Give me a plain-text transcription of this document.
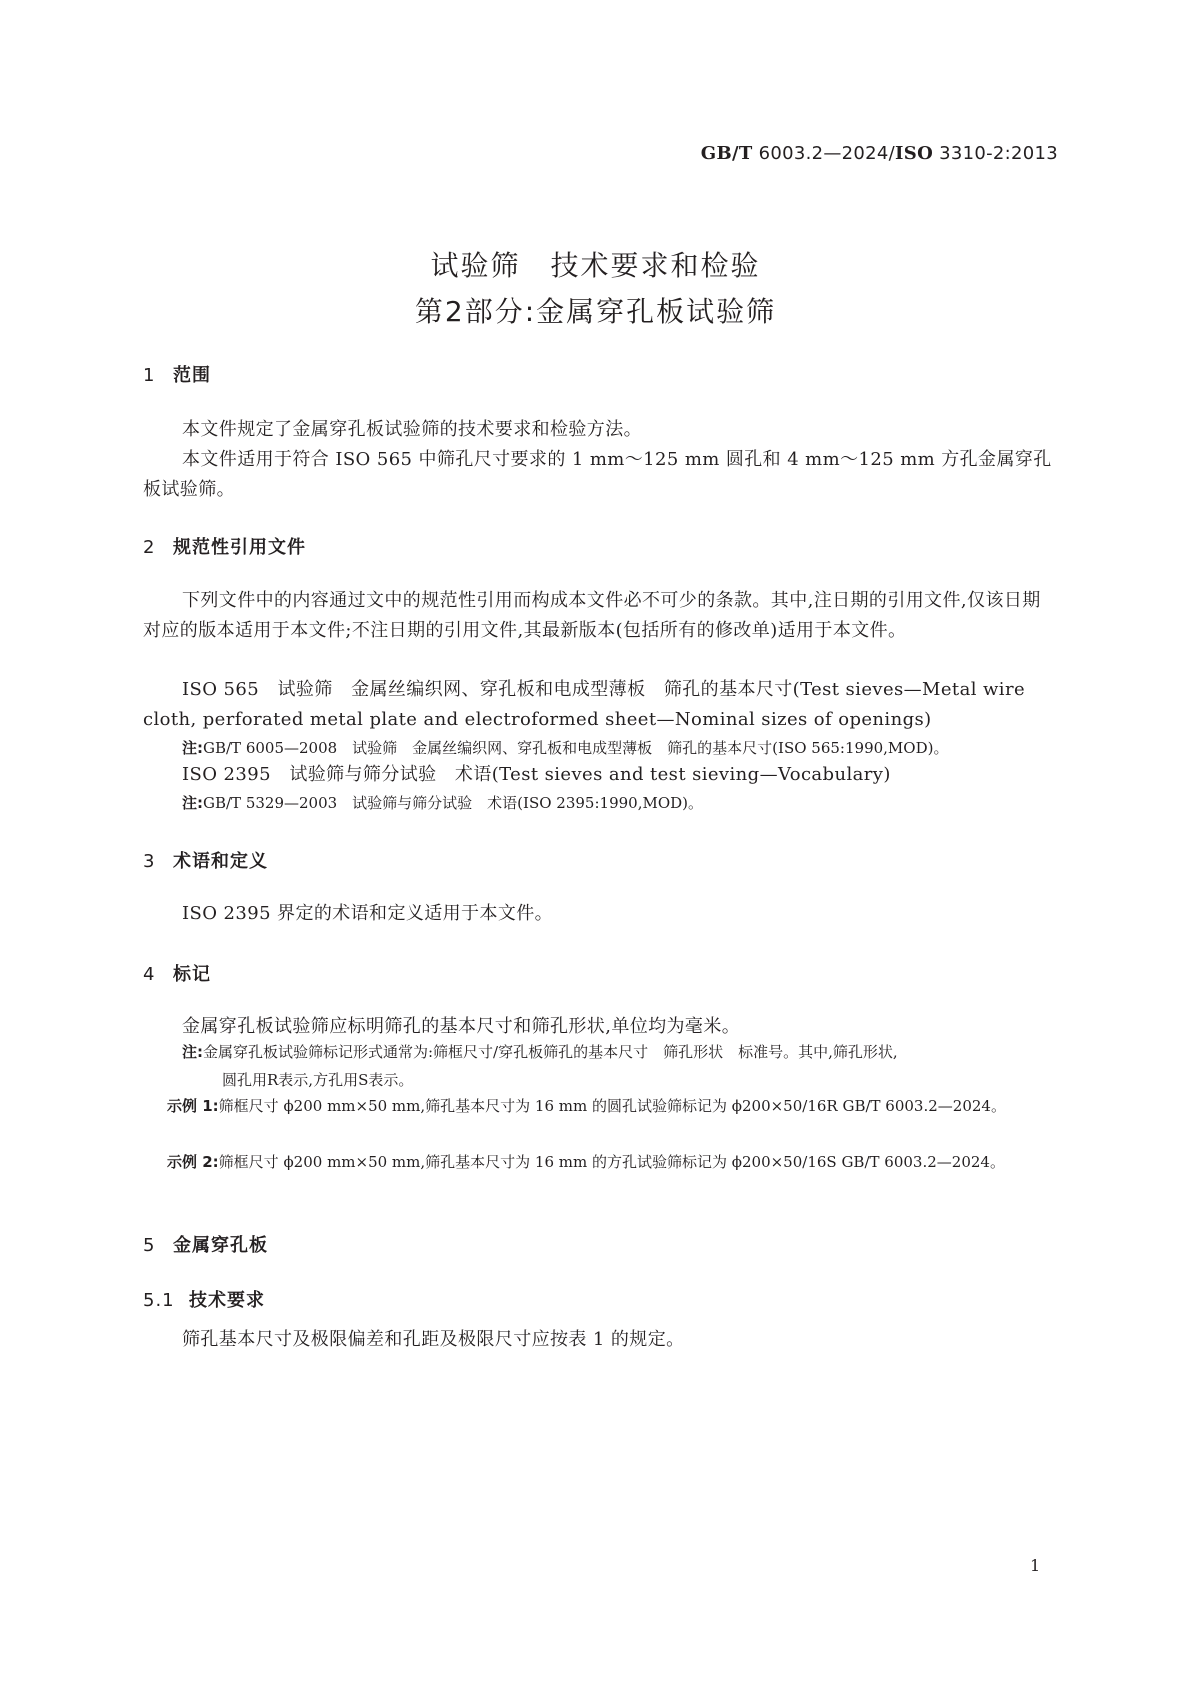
GB/T 6003.2—2024/ISO 3310-2:2013
试验筛 技术要求和检验
第2部分:金属穿孔板试验筛
1 范围
本文件规定了金属穿孔板试验筛的技术要求和检验方法。
本文件适用于符合 ISO 565 中筛孔尺寸要求的 1 mm～125 mm 圆孔和 4 mm～125 mm 方孔金属穿孔板试验筛。
2 规范性引用文件
下列文件中的内容通过文中的规范性引用而构成本文件必不可少的条款。其中,注日期的引用文件,仅该日期对应的版本适用于本文件;不注日期的引用文件,其最新版本(包括所有的修改单)适用于本文件。
ISO 565　试验筛　金属丝编织网、穿孔板和电成型薄板　筛孔的基本尺寸(Test sieves—Metal wire cloth, perforated metal plate and electroformed sheet—Nominal sizes of openings)
注:GB/T 6005—2008　试验筛　金属丝编织网、穿孔板和电成型薄板　筛孔的基本尺寸(ISO 565:1990,MOD)。
ISO 2395　试验筛与筛分试验　术语(Test sieves and test sieving—Vocabulary)
注:GB/T 5329—2003　试验筛与筛分试验　术语(ISO 2395:1990,MOD)。
3 术语和定义
ISO 2395 界定的术语和定义适用于本文件。
4 标记
金属穿孔板试验筛应标明筛孔的基本尺寸和筛孔形状,单位均为毫米。
注:金属穿孔板试验筛标记形式通常为:筛框尺寸/穿孔板筛孔的基本尺寸　筛孔形状　标准号。其中,筛孔形状,
圆孔用R表示,方孔用S表示。
示例 1:筛框尺寸 ϕ200 mm×50 mm,筛孔基本尺寸为 16 mm 的圆孔试验筛标记为 ϕ200×50/16R GB/T 6003.2—2024。
示例 2:筛框尺寸 ϕ200 mm×50 mm,筛孔基本尺寸为 16 mm 的方孔试验筛标记为 ϕ200×50/16S GB/T 6003.2—2024。
5 金属穿孔板
5.1 技术要求
筛孔基本尺寸及极限偏差和孔距及极限尺寸应按表 1 的规定。
1
